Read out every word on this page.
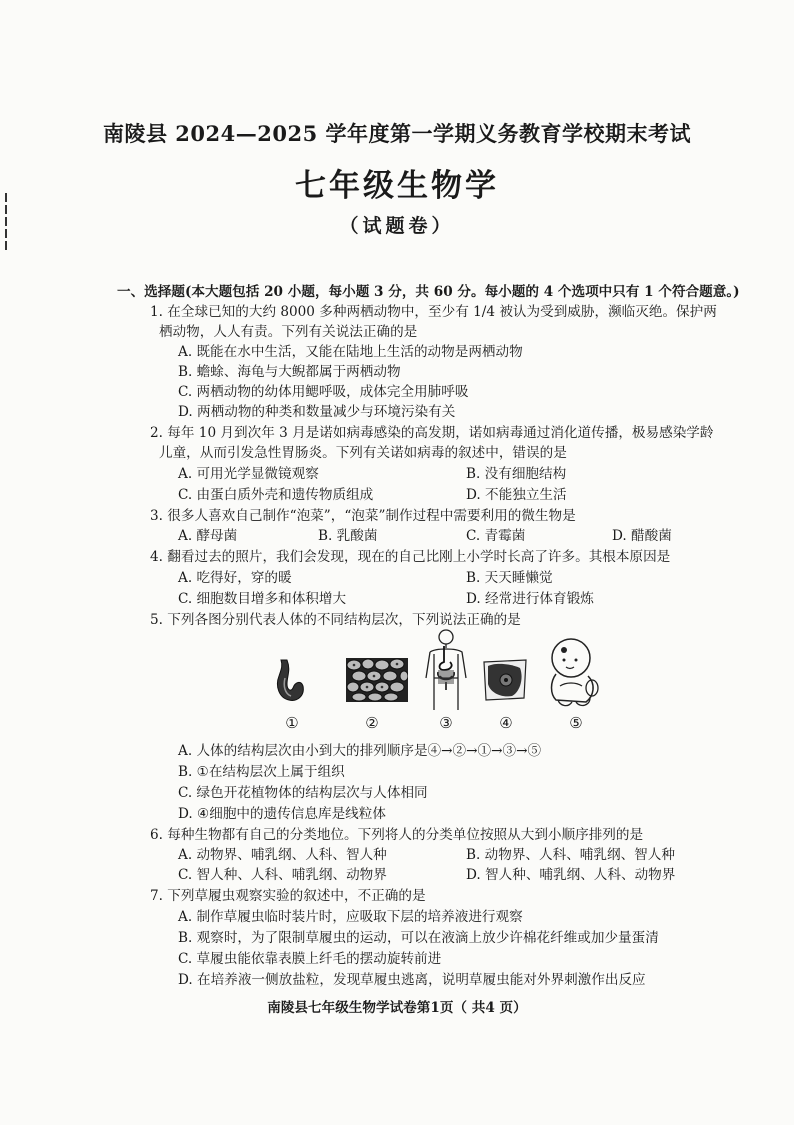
南陵县 2024—2025 学年度第一学期义务教育学校期末考试
七年级生物学
（试题卷）
一、选择题(本大题包括 20 小题，每小题 3 分，共 60 分。每小题的 4 个选项中只有 1 个符合题意。)
1. 在全球已知的大约 8000 多种两栖动物中，至少有 1/4 被认为受到威胁，濒临灭绝。保护两
栖动物，人人有责。下列有关说法正确的是
A. 既能在水中生活，又能在陆地上生活的动物是两栖动物
B. 蟾蜍、海龟与大鲵都属于两栖动物
C. 两栖动物的幼体用鳃呼吸，成体完全用肺呼吸
D. 两栖动物的种类和数量减少与环境污染有关
2. 每年 10 月到次年 3 月是诺如病毒感染的高发期，诺如病毒通过消化道传播，极易感染学龄
儿童，从而引发急性胃肠炎。下列有关诺如病毒的叙述中，错误的是
A. 可用光学显微镜观察	B. 没有细胞结构
C. 由蛋白质外壳和遗传物质组成	D. 不能独立生活
3. 很多人喜欢自己制作“泡菜”，“泡菜”制作过程中需要利用的微生物是
A. 酵母菌	B. 乳酸菌	C. 青霉菌	D. 醋酸菌
4. 翻看过去的照片，我们会发现，现在的自己比刚上小学时长高了许多。其根本原因是
A. 吃得好，穿的暖	B. 天天睡懒觉
C. 细胞数目增多和体积增大	D. 经常进行体育锻炼
5. 下列各图分别代表人体的不同结构层次，下列说法正确的是
①	②	③	④	⑤
A. 人体的结构层次由小到大的排列顺序是④→②→①→③→⑤
B. ①在结构层次上属于组织
C. 绿色开花植物体的结构层次与人体相同
D. ④细胞中的遗传信息库是线粒体
6. 每种生物都有自己的分类地位。下列将人的分类单位按照从大到小顺序排列的是
A. 动物界、哺乳纲、人科、智人种	B. 动物界、人科、哺乳纲、智人种
C. 智人种、人科、哺乳纲、动物界	D. 智人种、哺乳纲、人科、动物界
7. 下列草履虫观察实验的叙述中，不正确的是
A. 制作草履虫临时装片时，应吸取下层的培养液进行观察
B. 观察时，为了限制草履虫的运动，可以在液滴上放少许棉花纤维或加少量蛋清
C. 草履虫能依靠表膜上纤毛的摆动旋转前进
D. 在培养液一侧放盐粒，发现草履虫逃离，说明草履虫能对外界刺激作出反应
南陵县七年级生物学试卷第1页（ 共4 页）
